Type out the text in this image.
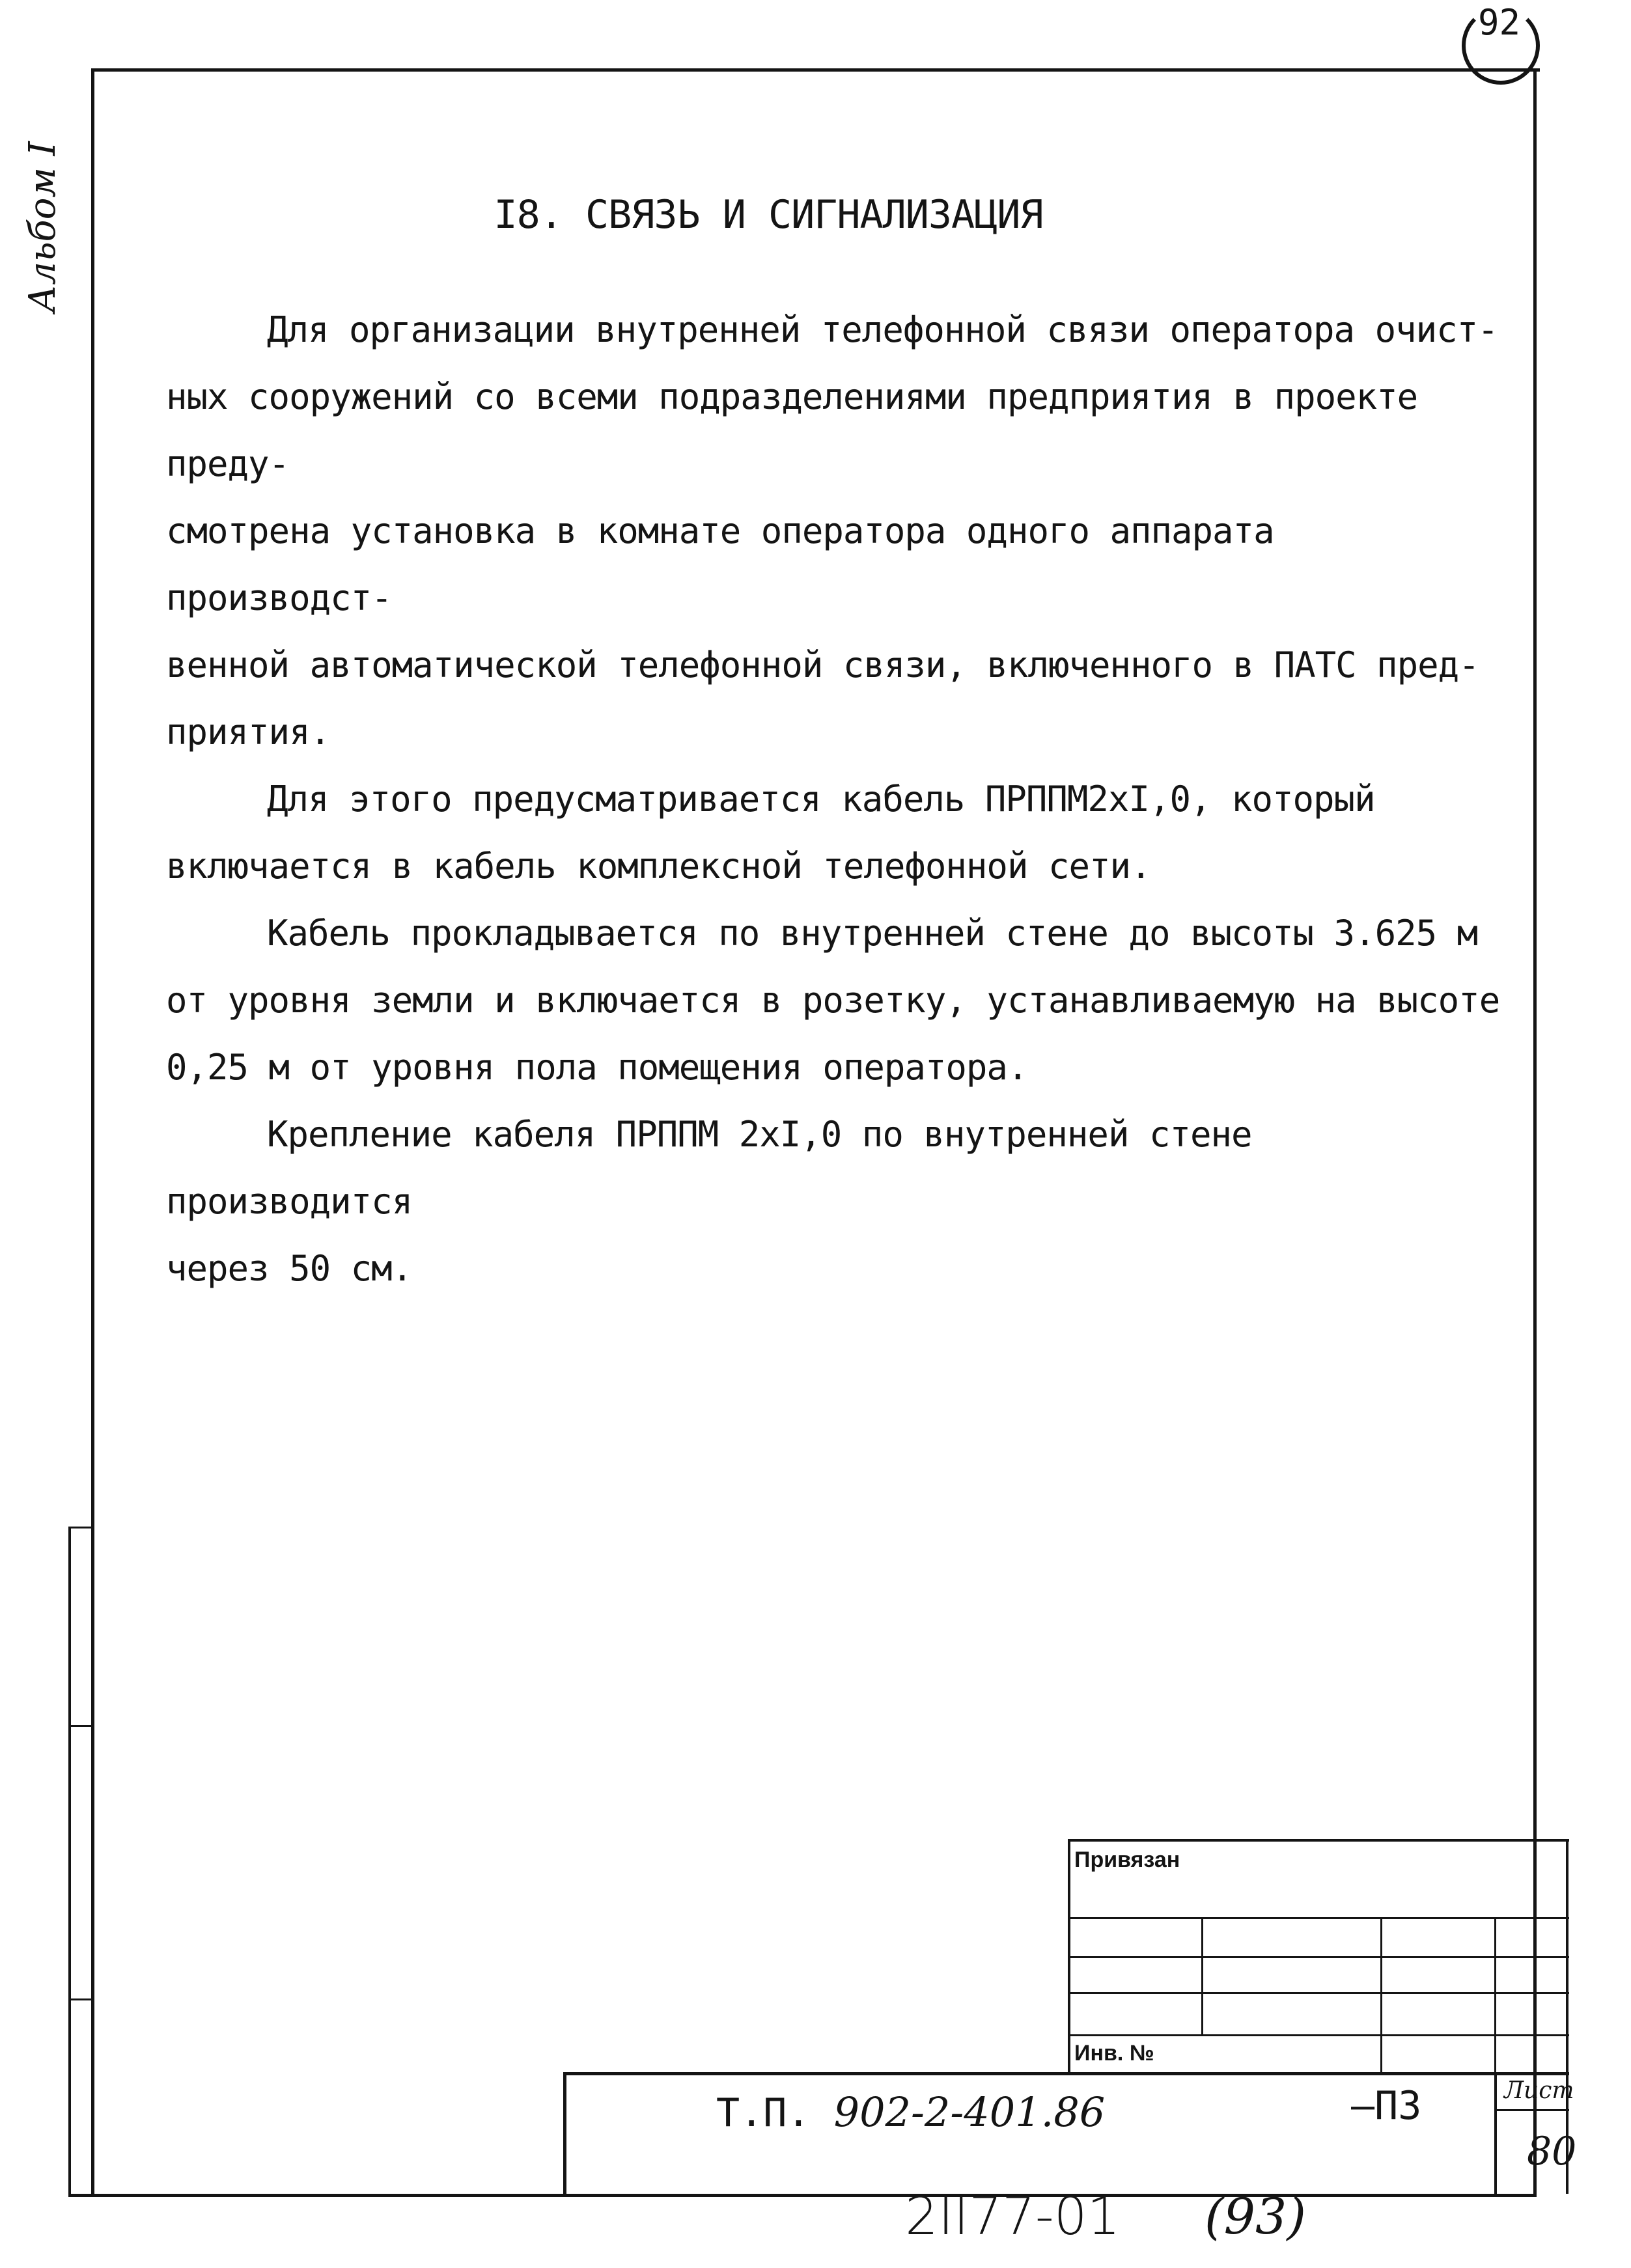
Альбом I
92
I8. СВЯЗЬ И СИГНАЛИЗАЦИЯ

Для организации внутренней телефонной связи оператора очист-
ных сооружений со всеми подразделениями предприятия в проекте преду-
смотрена установка в комнате оператора одного аппарата производст-
венной автоматической телефонной связи, включенного в ПАТС пред-
приятия.

Для этого предусматривается кабель ПРППМ2хI,0, который
включается в кабель комплексной телефонной сети.

Кабель прокладывается по внутренней стене до высоты 3.625 м
от уровня земли и включается в розетку, устанавливаемую на высоте
0,25 м от уровня пола помещения оператора.

Крепление кабеля ПРППМ 2хI,0 по внутренней стене производится
через 50 см.

Привязан
Инв. №
Т.П. 902-2-401.86	–ПЗ	Лист
80
2II77-01 (93)
